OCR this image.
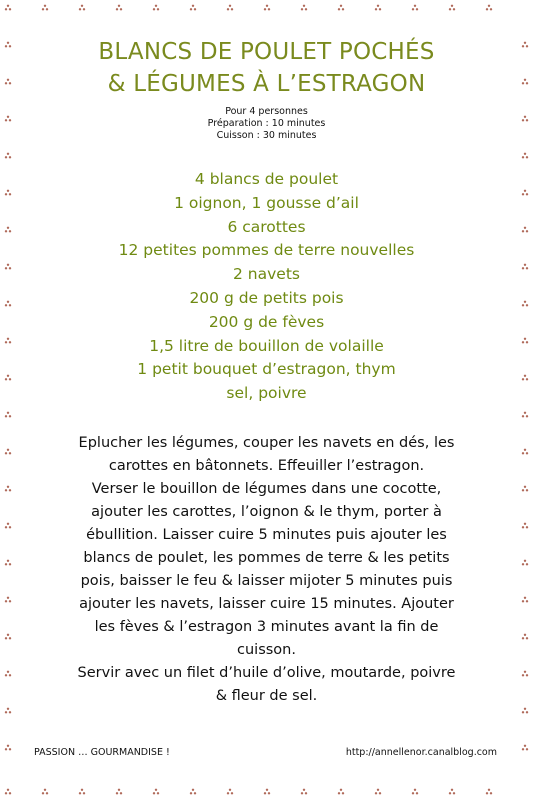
BLANCS DE POULET POCHÉS
& LÉGUMES À L’ESTRAGON
Pour 4 personnes
Préparation : 10 minutes
Cuisson : 30 minutes
4 blancs de poulet
1 oignon, 1 gousse d’ail
6 carottes
12 petites pommes de terre nouvelles
2 navets
200 g de petits pois
200 g de fèves
1,5 litre de bouillon de volaille
1 petit bouquet d’estragon, thym
sel, poivre
Eplucher les légumes, couper les navets en dés, les
carottes en bâtonnets. Effeuiller l’estragon.
Verser le bouillon de légumes dans une cocotte,
ajouter les carottes, l’oignon & le thym, porter à
ébullition. Laisser cuire 5 minutes puis ajouter les
blancs de poulet, les pommes de terre & les petits
pois, baisser le feu & laisser mijoter 5 minutes puis
ajouter les navets, laisser cuire 15 minutes. Ajouter
les fèves & l’estragon 3 minutes avant la fin de
cuisson.
Servir avec un filet d’huile d’olive, moutarde, poivre
& fleur de sel.
PASSION … GOURMANDISE !	http://annellenor.canalblog.com
